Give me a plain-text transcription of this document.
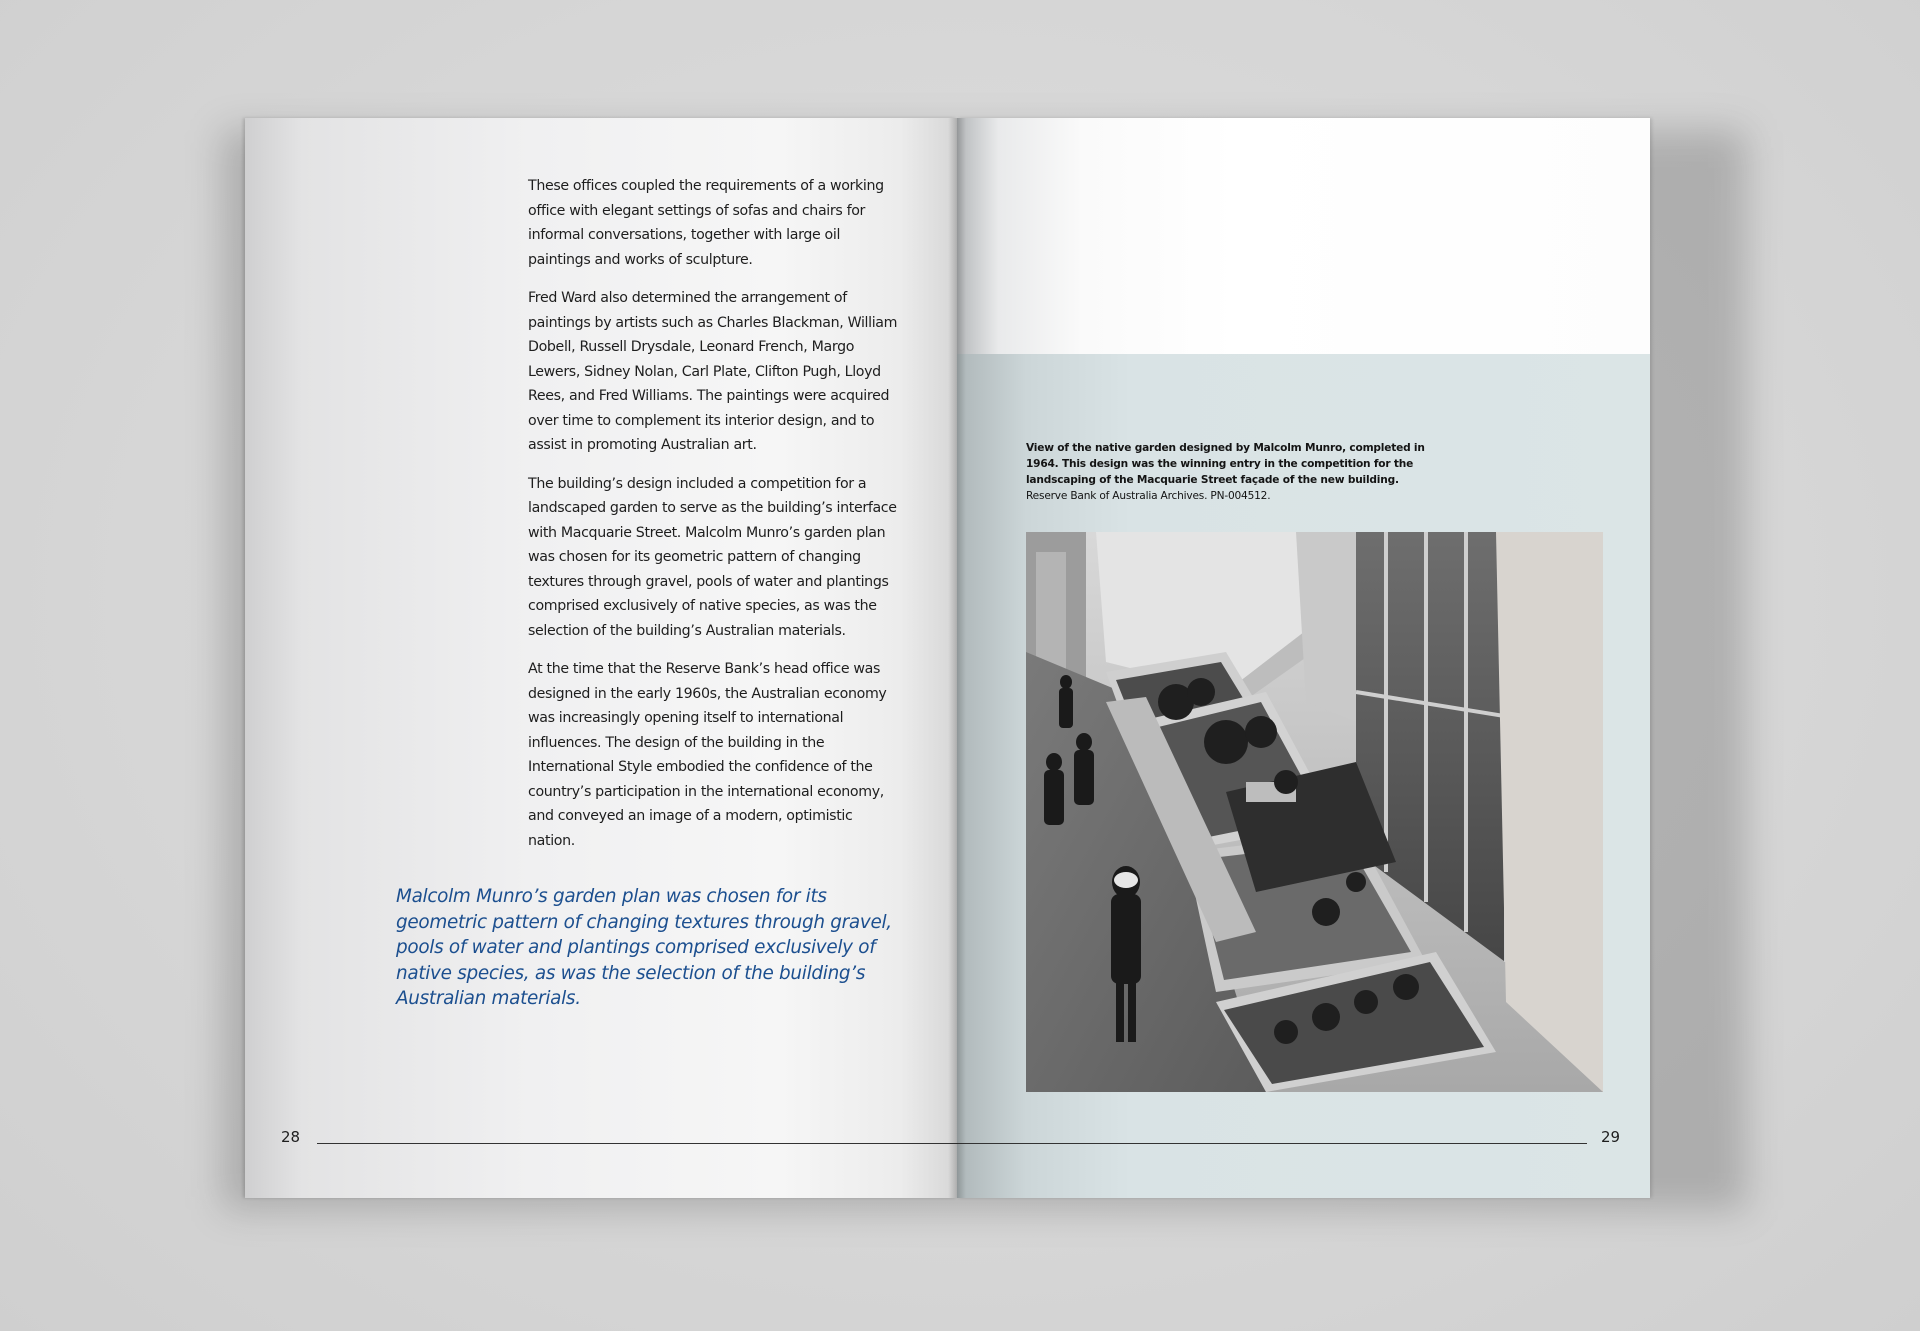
These offices coupled the requirements of a working office with elegant settings of sofas and chairs for informal conversations, together with large oil paintings and works of sculpture.

Fred Ward also determined the arrangement of paintings by artists such as Charles Blackman, William Dobell, Russell Drysdale, Leonard French, Margo Lewers, Sidney Nolan, Carl Plate, Clifton Pugh, Lloyd Rees, and Fred Williams. The paintings were acquired over time to complement its interior design, and to assist in promoting Australian art.

The building’s design included a competition for a landscaped garden to serve as the building’s interface with Macquarie Street. Malcolm Munro’s garden plan was chosen for its geometric pattern of changing textures through gravel, pools of water and plantings comprised exclusively of native species, as was the selection of the building’s Australian materials.

At the time that the Reserve Bank’s head office was designed in the early 1960s, the Australian economy was increasingly opening itself to international influences. The design of the building in the International Style embodied the confidence of the country’s participation in the international economy, and conveyed an image of a modern, optimistic nation.

Malcolm Munro’s garden plan was chosen for its geometric pattern of changing textures through gravel, pools of water and plantings comprised exclusively of native species, as was the selection of the building’s Australian materials.
28
View of the native garden designed by Malcolm Munro, completed in 1964. This design was the winning entry in the competition for the landscaping of the Macquarie Street façade of the new building.
Reserve Bank of Australia Archives. PN-004512.
29
